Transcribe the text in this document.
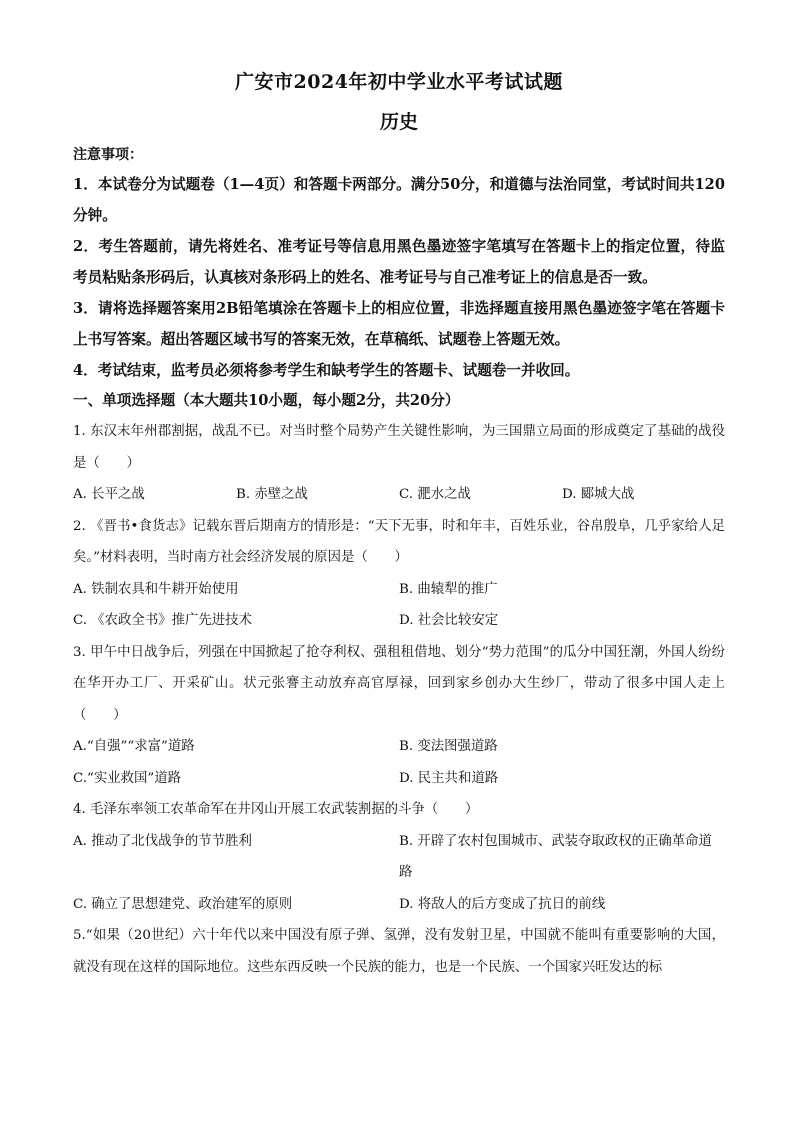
广安市2024年初中学业水平考试试题
历史
注意事项：
1．本试卷分为试题卷（1—4页）和答题卡两部分。满分50分，和道德与法治同堂，考试时间共120分钟。
2．考生答题前，请先将姓名、准考证号等信息用黑色墨迹签字笔填写在答题卡上的指定位置，待监考员粘贴条形码后，认真核对条形码上的姓名、准考证号与自己准考证上的信息是否一致。
3．请将选择题答案用2B铅笔填涂在答题卡上的相应位置，非选择题直接用黑色墨迹签字笔在答题卡上书写答案。超出答题区域书写的答案无效，在草稿纸、试题卷上答题无效。
4．考试结束，监考员必须将参考学生和缺考学生的答题卡、试题卷一并收回。
一、单项选择题（本大题共10小题，每小题2分，共20分）
1. 东汉末年州郡割据，战乱不已。对当时整个局势产生关键性影响，为三国鼎立局面的形成奠定了基础的战役是（　　）
A. 长平之战	B. 赤壁之战	C. 淝水之战	D. 郾城大战
2. 《晋书•食货志》记载东晋后期南方的情形是：“天下无事，时和年丰，百姓乐业，谷帛殷阜，几乎家给人足矣。”材料表明，当时南方社会经济发展的原因是（　　）
A. 铁制农具和牛耕开始使用	B. 曲辕犁的推广
C. 《农政全书》推广先进技术	D. 社会比较安定
3. 甲午中日战争后，列强在中国掀起了抢夺利权、强租租借地、划分“势力范围”的瓜分中国狂潮，外国人纷纷在华开办工厂、开采矿山。状元张謇主动放弃高官厚禄，回到家乡创办大生纱厂，带动了很多中国人走上（　　）
A.“自强”“求富”道路	B. 变法图强道路
C.“实业救国”道路	D. 民主共和道路
4. 毛泽东率领工农革命军在井冈山开展工农武装割据的斗争（　　）
A. 推动了北伐战争的节节胜利	B. 开辟了农村包围城市、武装夺取政权的正确革命道路
C. 确立了思想建党、政治建军的原则	D. 将敌人的后方变成了抗日的前线
5.“如果（20世纪）六十年代以来中国没有原子弹、氢弹，没有发射卫星，中国就不能叫有重要影响的大国，就没有现在这样的国际地位。这些东西反映一个民族的能力，也是一个民族、一个国家兴旺发达的标
